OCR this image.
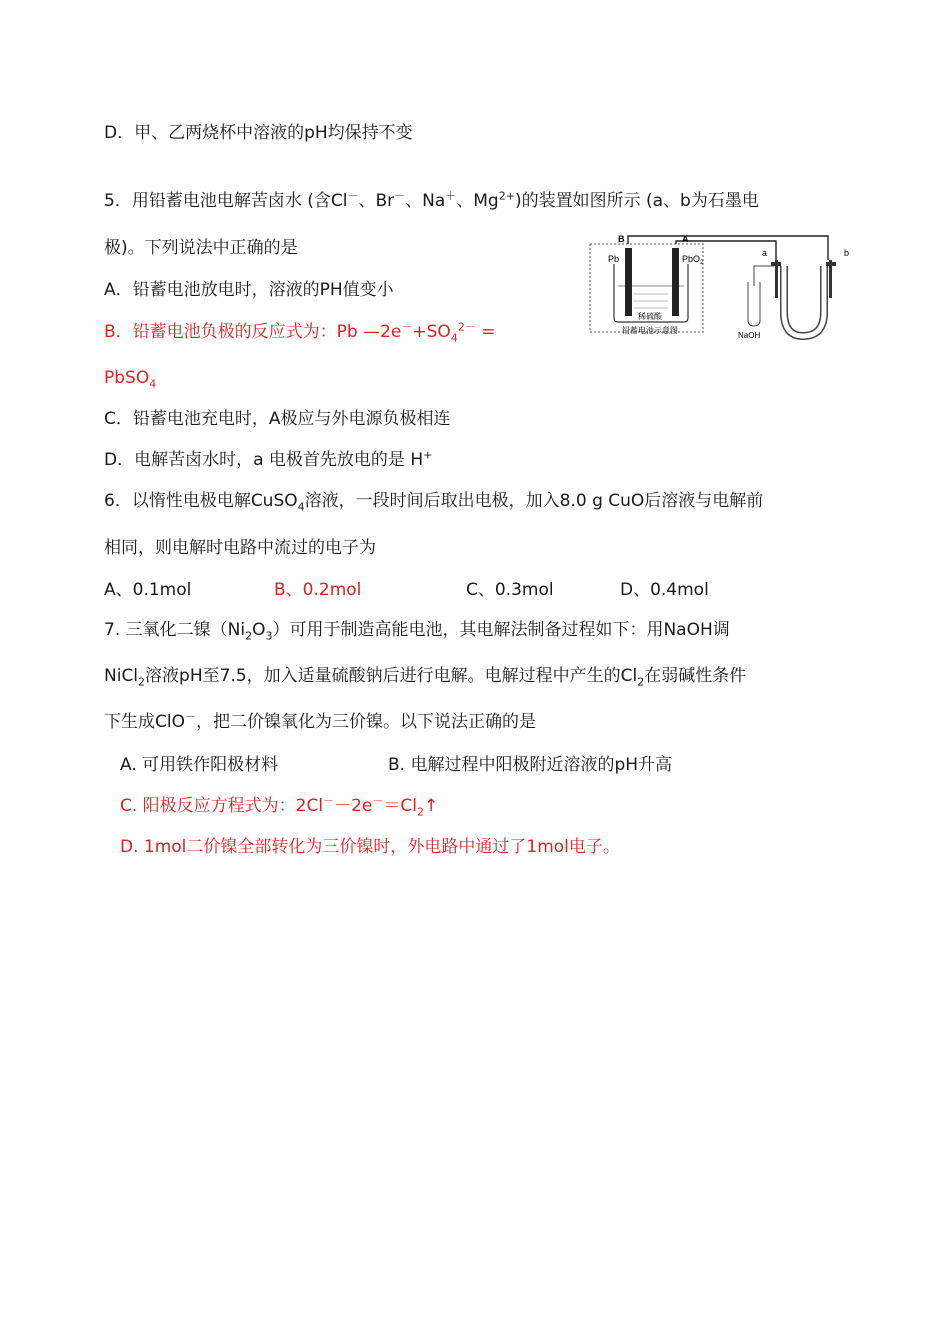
D．甲、乙两烧杯中溶液的pH均保持不变
5．用铅蓄电池电解苦卤水 (含Cl－、Br－、Na＋、$Mg^{2+}$)的装置如图所示 (a、b为石墨电
极)。下列说法中正确的是
A．铅蓄电池放电时，溶液的PH值变小
B．铅蓄电池负极的反应式为：Pb $—2e^-+SO_4^{2-}$ =
PbSO$_4$
C．铅蓄电池充电时，A极应与外电源负极相连
D．电解苦卤水时，a 电极首先放电的是 H+
B	A
Pb	PbO$_2$
稀硫酸
铅蓄电池示意图
a	b
NaOH
6．以惰性电极电解CuSO$_4$溶液，一段时间后取出电极，加入8.0 g CuO后溶液与电解前
相同，则电解时电路中流过的电子为
A、0.1mol	B、0.2mol	C、0.3mol	D、0.4mol
7. 三氧化二镍$(Ni_2O_3)$可用于制造高能电池，其电解法制备过程如下：用NaOH调
NiCl$_2$溶液pH至7.5，加入适量硫酸钠后进行电解。电解过程中产生的$Cl_2$在弱碱性条件
下生成ClO－，把二价镍氧化为三价镍。以下说法正确的是
A. 可用铁作阳极材料	B. 电解过程中阳极附近溶液的pH升高
C. 阳极反应方程式为：$2Cl^--2e^-=Cl_2↑$
D. 1mol二价镍全部转化为三价镍时，外电路中通过了1mol电子。
